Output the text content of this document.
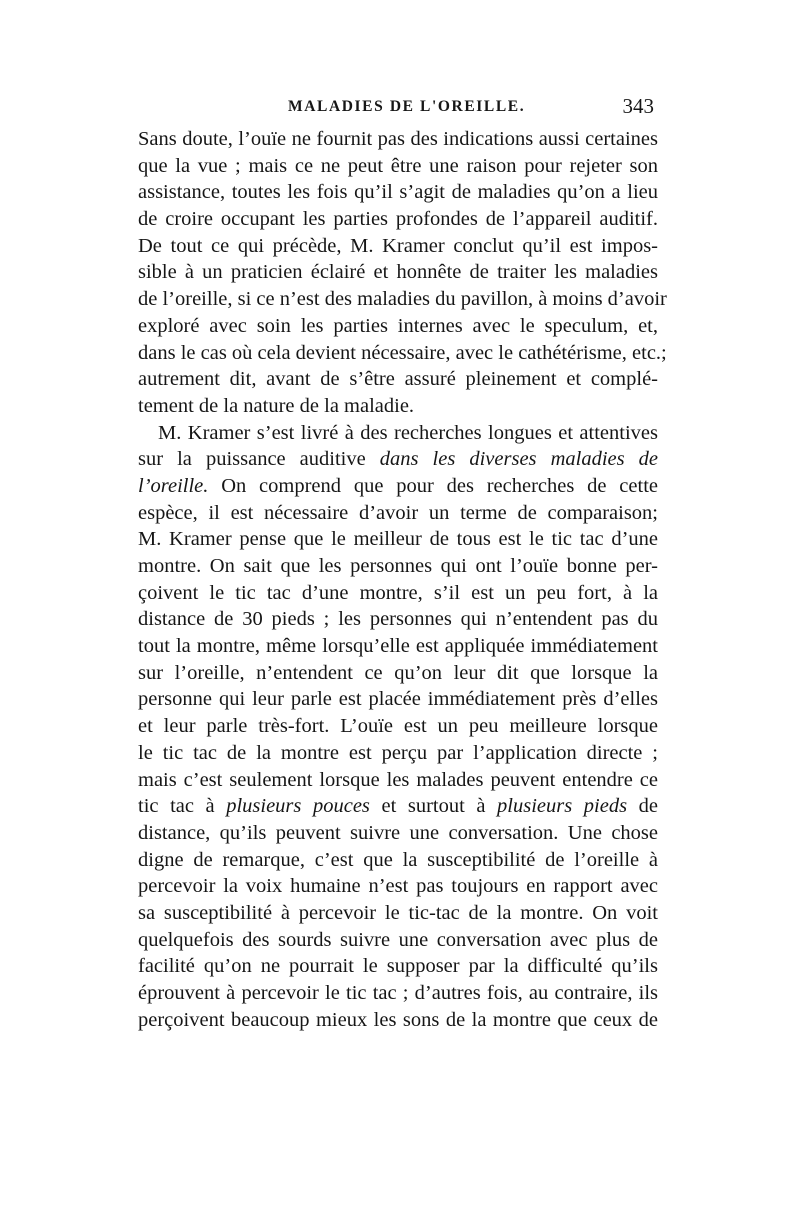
MALADIES DE L'OREILLE.	343
Sans doute, l’ouïe ne fournit pas des indications aussi certaines
que la vue ; mais ce ne peut être une raison pour rejeter son
assistance, toutes les fois qu’il s’agit de maladies qu’on a lieu
de croire occupant les parties profondes de l’appareil auditif.
De tout ce qui précède, M. Kramer conclut qu’il est impos-
sible à un praticien éclairé et honnête de traiter les maladies
de l’oreille, si ce n’est des maladies du pavillon, à moins d’avoir
exploré avec soin les parties internes avec le speculum, et,
dans le cas où cela devient nécessaire, avec le cathétérisme, etc.;
autrement dit, avant de s’être assuré pleinement et complé-
tement de la nature de la maladie.
M. Kramer s’est livré à des recherches longues et attentives
sur la puissance auditive dans les diverses maladies de
l’oreille. On comprend que pour des recherches de cette
espèce, il est nécessaire d’avoir un terme de comparaison;
M. Kramer pense que le meilleur de tous est le tic tac d’une
montre. On sait que les personnes qui ont l’ouïe bonne per-
çoivent le tic tac d’une montre, s’il est un peu fort, à la
distance de 30 pieds ; les personnes qui n’entendent pas du
tout la montre, même lorsqu’elle est appliquée immédiatement
sur l’oreille, n’entendent ce qu’on leur dit que lorsque la
personne qui leur parle est placée immédiatement près d’elles
et leur parle très-fort. L’ouïe est un peu meilleure lorsque
le tic tac de la montre est perçu par l’application directe ;
mais c’est seulement lorsque les malades peuvent entendre ce
tic tac à plusieurs pouces et surtout à plusieurs pieds de
distance, qu’ils peuvent suivre une conversation. Une chose
digne de remarque, c’est que la susceptibilité de l’oreille à
percevoir la voix humaine n’est pas toujours en rapport avec
sa susceptibilité à percevoir le tic-tac de la montre. On voit
quelquefois des sourds suivre une conversation avec plus de
facilité qu’on ne pourrait le supposer par la difficulté qu’ils
éprouvent à percevoir le tic tac ; d’autres fois, au contraire, ils
perçoivent beaucoup mieux les sons de la montre que ceux de
